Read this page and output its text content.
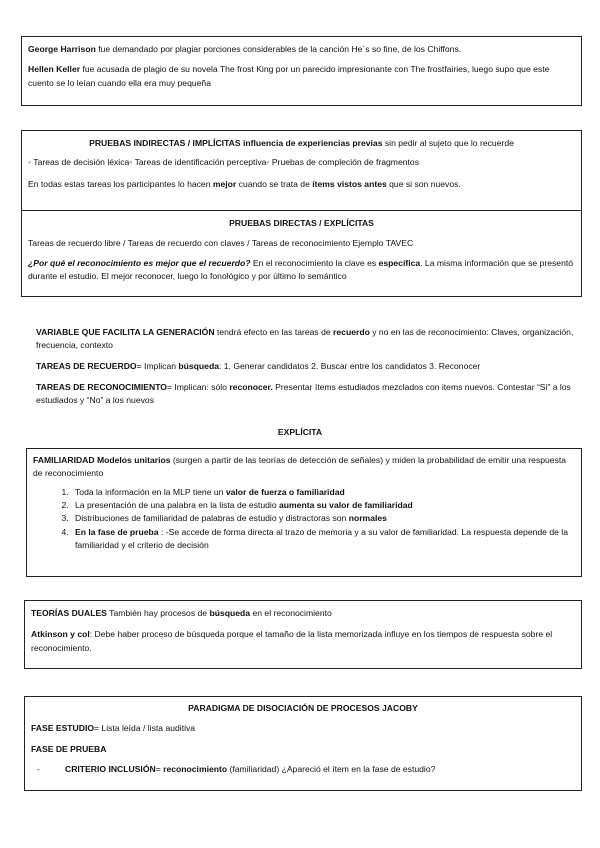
George Harrison fue demandado por plagiar porciones considerables de la canción He´s so fine, de los Chiffons.

Hellen Keller fue acusada de plagio de su novela The frost King por un parecido impresionante con The frostfairies, luego supo que este cuento se lo leían cuando ella era muy pequeña

PRUEBAS INDIRECTAS / IMPLÍCITAS influencia de experiencias previas sin pedir al sujeto que lo recuerde

◦ Tareas de decisión léxica◦ Tareas de identificación perceptiva◦ Pruebas de compleción de fragmentos

En todas estas tareas los participantes lo hacen mejor cuando se trata de ítems vistos antes que si son nuevos.

PRUEBAS DIRECTAS / EXPLÍCITAS

Tareas de recuerdo libre / Tareas de recuerdo con claves / Tareas de reconocimiento Ejemplo TAVEC

¿Por qué el reconocimiento es mejor que el recuerdo? En el reconocimiento la clave es específica. La misma información que se presentó durante el estudio. El mejor reconocer, luego lo fonológico y por último lo semántico

VARIABLE QUE FACILITA LA GENERACIÓN tendrá efecto en las tareas de recuerdo y no en las de reconocimiento: Claves, organización, frecuencia, contexto

TAREAS DE RECUERDO= Implican búsqueda: 1. Generar candidatos 2. Buscar entre los candidatos 3. Reconocer

TAREAS DE RECONOCIMIENTO= Implican: sólo reconocer. Presentar ítems estudiados mezclados con items nuevos. Contestar “Si” a los estudiados y “No” a los nuevos

EXPLÍCITA

FAMILIARIDAD Modelos unitarios (surgen a partir de las teorías de detección de señales) y miden la probabilidad de emitir una respuesta de reconocimiento

1. Toda la información en la MLP tiene un valor de fuerza o familiaridad
2. La presentación de una palabra en la lista de estudio aumenta su valor de familiaridad
3. Distribuciones de familiaridad de palabras de estudio y distractoras son normales
4. En la fase de prueba : -Se accede de forma directa al trazo de memoria y a su valor de familiaridad. La respuesta depende de la familiaridad y el criterio de decisión

TEORÍAS DUALES También hay procesos de búsqueda en el reconocimiento

Atkinson y col: Debe haber proceso de búsqueda porque el tamaño de la lista memorizada influye en los tiempos de respuesta sobre el reconocimiento.

PARADIGMA DE DISOCIACIÓN DE PROCESOS JACOBY

FASE ESTUDIO= Lista leída / lista auditiva

FASE DE PRUEBA

- CRITERIO INCLUSIÓN= reconocimiento (familiaridad) ¿Apareció el ítem en la fase de estudio?
